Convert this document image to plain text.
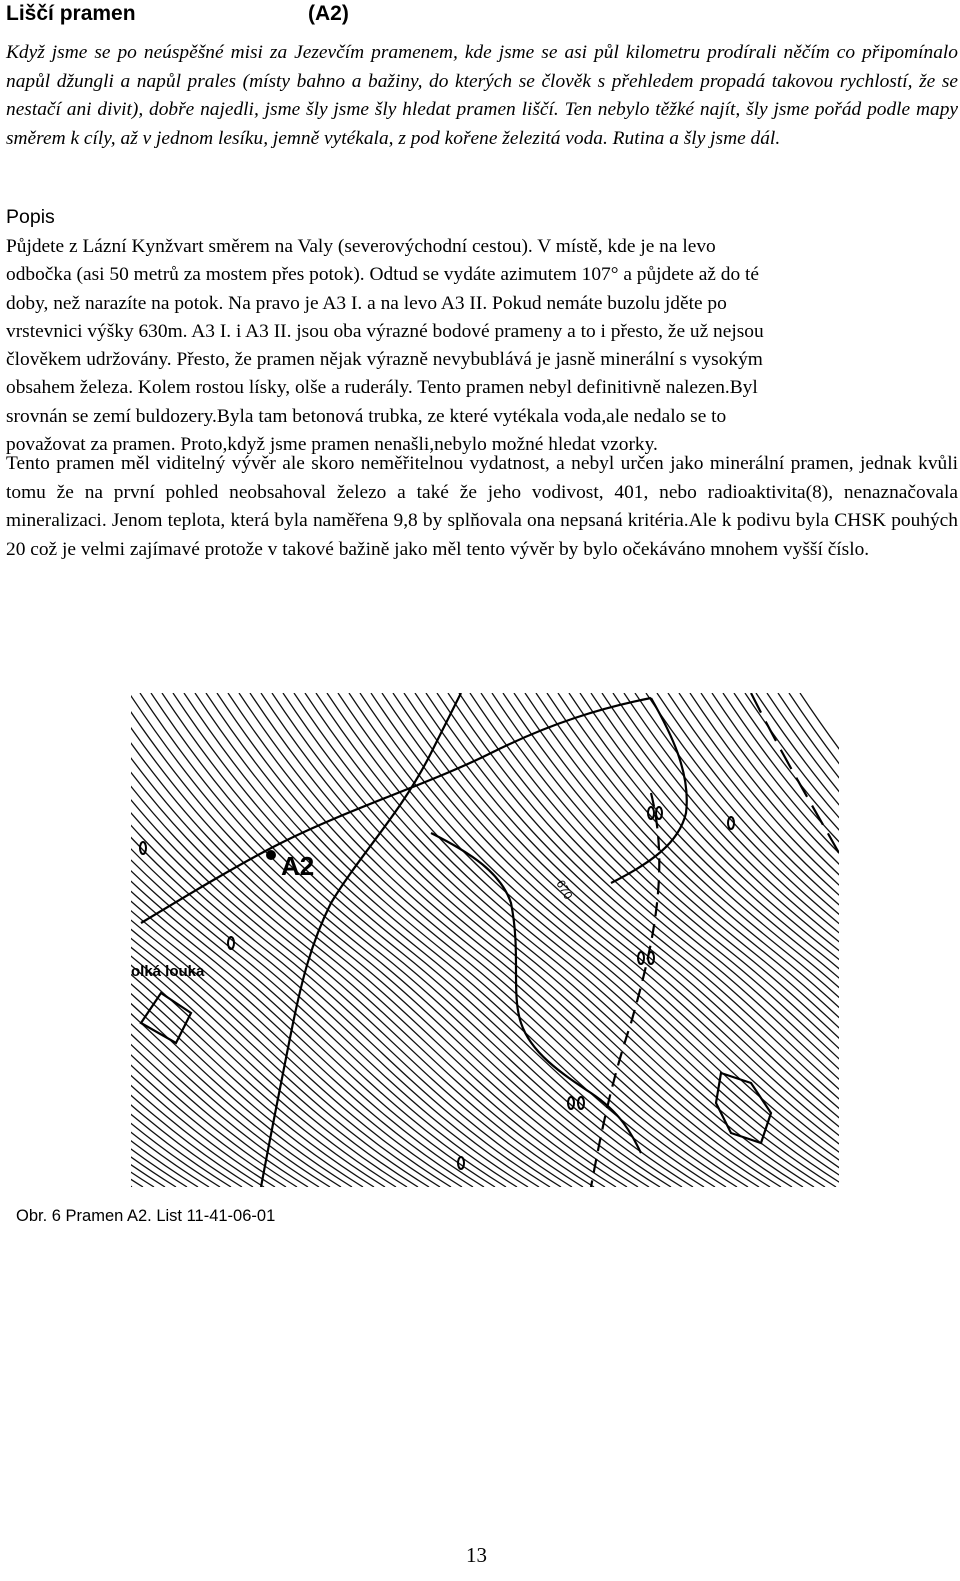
Liščí pramen	(A2)

Když jsme se po neúspěšné misi za Jezevčím pramenem, kde jsme se asi půl kilometru prodírali něčím co připomínalo napůl džungli a napůl prales (místy bahno a bažiny, do kterých se člověk s přehledem propadá takovou rychlostí, že se nestačí ani divit), dobře najedli, jsme šly jsme šly hledat pramen liščí. Ten nebylo těžké najít, šly jsme pořád podle mapy směrem k cíly, až v jednom lesíku, jemně vytékala, z pod kořene železitá voda. Rutina a šly jsme dál.

Popis
Půjdete z Lázní Kynžvart směrem na Valy (severovýchodní cestou). V místě, kde je na levo
odbočka (asi 50 metrů za mostem přes potok). Odtud se vydáte azimutem 107° a půjdete až do té
doby, než narazíte na potok. Na pravo je A3 I. a na levo A3 II. Pokud nemáte buzolu jděte po
vrstevnici výšky 630m. A3 I. i A3 II. jsou oba výrazné bodové prameny a to i přesto, že už nejsou
člověkem udržovány. Přesto, že pramen nějak výrazně nevybublává je jasně minerální s vysokým
obsahem železa. Kolem rostou lísky, olše a ruderály. Tento pramen nebyl definitivně nalezen.Byl
srovnán se zemí buldozery.Byla tam betonová trubka, ze které vytékala voda,ale nedalo se to
považovat za pramen. Proto,když jsme pramen nenašli,nebylo možné hledat vzorky.

Tento pramen měl viditelný vývěr ale skoro neměřitelnou vydatnost, a nebyl určen jako minerální pramen, jednak kvůli tomu že na první pohled neobsahoval železo a také že jeho vodivost, 401, nebo radioaktivita(8), nenaznačovala mineralizaci. Jenom teplota, která byla naměřena 9,8 by splňovala ona nepsaná kritéria.Ale k podivu byla CHSK pouhých 20 což je velmi zajímavé protože v takové bažině jako měl tento vývěr by bylo očekáváno mnohem vyšší číslo.

A2
670
olká louka
Obr. 6 Pramen A2. List 11-41-06-01
13
